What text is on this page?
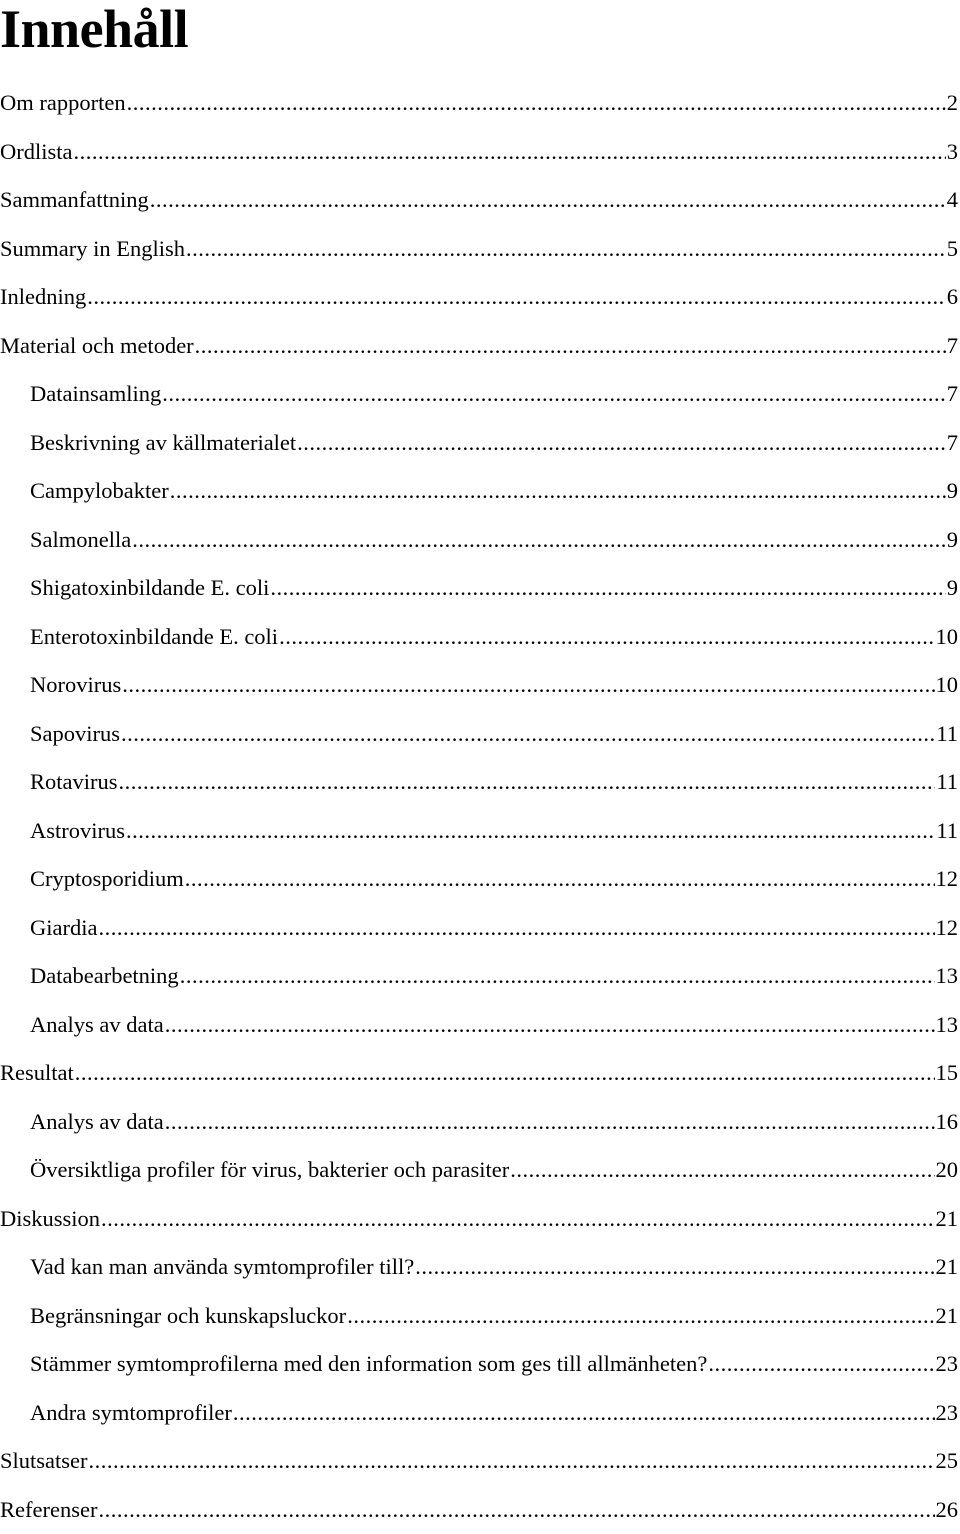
Innehåll
Om rapporten .....	2
Ordlista .....	3
Sammanfattning .....	4
Summary in English .....	5
Inledning .....	6
Material och metoder .....	7
Datainsamling .....	7
Beskrivning av källmaterialet .....	7
Campylobakter .....	9
Salmonella .....	9
Shigatoxinbildande E. coli .....	9
Enterotoxinbildande E. coli .....	10
Norovirus .....	10
Sapovirus .....	11
Rotavirus .....	11
Astrovirus .....	11
Cryptosporidium .....	12
Giardia .....	12
Databearbetning .....	13
Analys av data .....	13
Resultat .....	15
Analys av data .....	16
Översiktliga profiler för virus, bakterier och parasiter .....	20
Diskussion .....	21
Vad kan man använda symtomprofiler till? .....	21
Begränsningar och kunskapsluckor .....	21
Stämmer symtomprofilerna med den information som ges till allmänheten? .....	23
Andra symtomprofiler .....	23
Slutsatser .....	25
Referenser .....	26
